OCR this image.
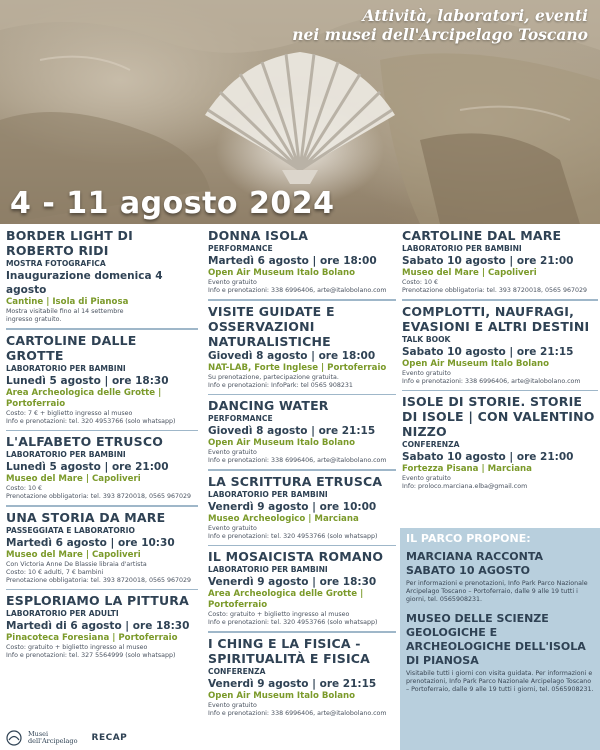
Attività, laboratori, eventi
nei musei dell'Arcipelago Toscano
4 - 11 agosto 2024
BORDER LIGHT DI ROBERTO RIDI
MOSTRA FOTOGRAFICA
Inaugurazione domenica 4 agosto
Cantine | Isola di Pianosa
Mostra visitabile fino al 14 settembre
ingresso gratuito.
CARTOLINE DALLE GROTTE
LABORATORIO PER BAMBINI
Lunedì 5 agosto | ore 18:30
Area Archeologica delle Grotte | Portoferraio
Costo: 7 € + biglietto ingresso al museo
Info e prenotazioni: tel. 320 4953766 (solo whatsapp)
L'ALFABETO ETRUSCO
LABORATORIO PER BAMBINI
Lunedì 5 agosto | ore 21:00
Museo del Mare | Capoliveri
Costo: 10 €
Prenotazione obbligatoria: tel. 393 8720018, 0565 967029
UNA STORIA DA MARE
PASSEGGIATA E LABORATORIO
Martedì 6 agosto | ore 10:30
Museo del Mare | Capoliveri
Con Victoria Anne De Blassie libraia d'artista
Costo: 10 € adulti, 7 € bambini
Prenotazione obbligatoria: tel. 393 8720018, 0565 967029
ESPLORIAMO LA PITTURA
LABORATORIO PER ADULTI
Martedì di 6 agosto | ore 18:30
Pinacoteca Foresiana | Portoferraio
Costo: gratuito + biglietto ingresso al museo
Info e prenotazioni: tel. 327 5564999 (solo whatsapp)
DONNA ISOLA
PERFORMANCE
Martedì 6 agosto | ore 18:00
Open Air Museum Italo Bolano
Evento gratuito
Info e prenotazioni: 338 6996406, arte@italobolano.com
VISITE GUIDATE E OSSERVAZIONI NATURALISTICHE
Giovedì 8 agosto | ore 18:00
NAT-LAB, Forte Inglese | Portoferraio
Su prenotazione, partecipazione gratuita.
Info e prenotazioni: InfoPark: tel 0565 908231
DANCING WATER
PERFORMANCE
Giovedì 8 agosto | ore 21:15
Open Air Museum Italo Bolano
Evento gratuito
Info e prenotazioni: 338 6996406, arte@italobolano.com
LA SCRITTURA ETRUSCA
LABORATORIO PER BAMBINI
Venerdì 9 agosto | ore 10:00
Museo Archeologico | Marciana
Evento gratuito
Info e prenotazioni: tel. 320 4953766 (solo whatsapp)
IL MOSAICISTA ROMANO
LABORATORIO PER BAMBINI
Venerdì 9 agosto | ore 18:30
Area Archeologica delle Grotte | Portoferraio
Costo: gratuito + biglietto ingresso al museo
Info e prenotazioni: tel. 320 4953766 (solo whatsapp)
I CHING E LA FISICA - SPIRITUALITÀ E FISICA
CONFERENZA
Venerdì 9 agosto | ore 21:15
Open Air Museum Italo Bolano
Evento gratuito
Info e prenotazioni: 338 6996406, arte@italobolano.com
CARTOLINE DAL MARE
LABORATORIO PER BAMBINI
Sabato 10 agosto | ore 21:00
Museo del Mare | Capoliveri
Costo: 10 €
Prenotazione obbligatoria: tel. 393 8720018, 0565 967029
COMPLOTTI, NAUFRAGI, EVASIONI E ALTRI DESTINI
TALK BOOK
Sabato 10 agosto | ore 21:15
Open Air Museum Italo Bolano
Evento gratuito
Info e prenotazioni: 338 6996406, arte@italobolano.com
ISOLE DI STORIE. STORIE DI ISOLE | CON VALENTINO NIZZO
CONFERENZA
Sabato 10 agosto | ore 21:00
Fortezza Pisana | Marciana
Evento gratuito
Info: proloco.marciana.elba@gmail.com
IL PARCO PROPONE:
MARCIANA RACCONTA SABATO 10 AGOSTO
Per informazioni e prenotazioni, Info Park Parco Nazionale Arcipelago Toscano – Portoferraio, dalle 9 alle 19 tutti i giorni, tel. 0565908231.
MUSEO DELLE SCIENZE GEOLOGICHE E ARCHEOLOGICHE DELL'ISOLA DI PIANOSA
Visitabile tutti i giorni con visita guidata. Per informazioni e prenotazioni, Info Park Parco Nazionale Arcipelago Toscano – Portoferraio, dalle 9 alle 19 tutti i giorni, tel. 0565908231.
Musei
dell'Arcipelago RECAP
